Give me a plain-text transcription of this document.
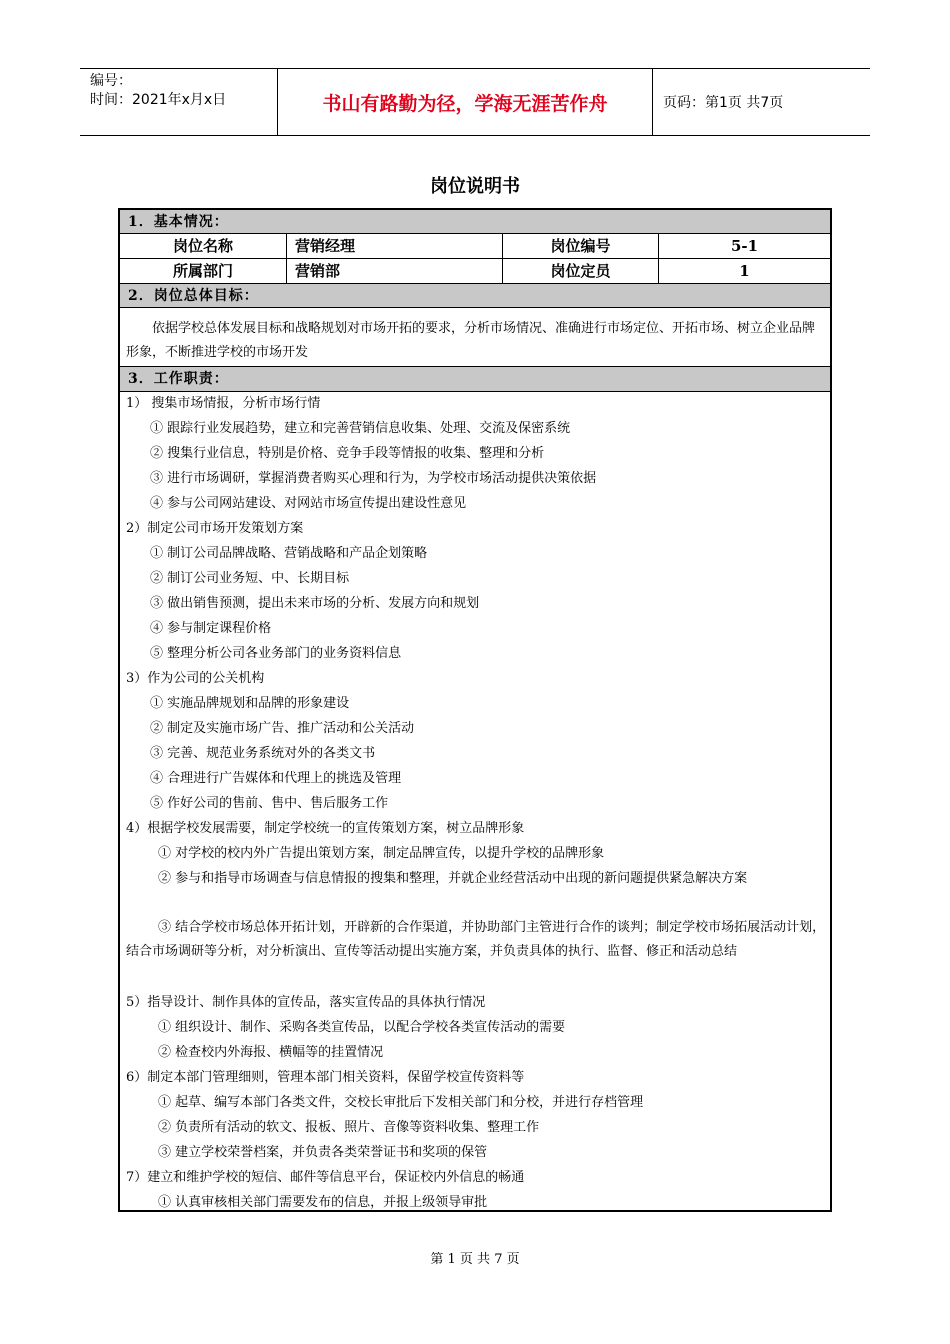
编号：
时间：2021年x月x日	书山有路勤为径，学海无涯苦作舟	页码：第1页 共7页
岗位说明书
1．基本情况：
岗位名称	营销经理	岗位编号	5-1
所属部门	营销部	岗位定员	1
2．岗位总体目标：
依据学校总体发展目标和战略规划对市场开拓的要求，分析市场情况、准确进行市场定位、开拓市场、树立企业品牌形象，不断推进学校的市场开发
3．工作职责：
1） 搜集市场情报，分析市场行情
① 跟踪行业发展趋势，建立和完善营销信息收集、处理、交流及保密系统
② 搜集行业信息，特别是价格、竞争手段等情报的收集、整理和分析
③ 进行市场调研，掌握消费者购买心理和行为，为学校市场活动提供决策依据
④ 参与公司网站建设、对网站市场宣传提出建设性意见
2）制定公司市场开发策划方案
① 制订公司品牌战略、营销战略和产品企划策略
② 制订公司业务短、中、长期目标
③ 做出销售预测，提出未来市场的分析、发展方向和规划
④ 参与制定课程价格
⑤ 整理分析公司各业务部门的业务资料信息
3）作为公司的公关机构
① 实施品牌规划和品牌的形象建设
② 制定及实施市场广告、推广活动和公关活动
③ 完善、规范业务系统对外的各类文书
④ 合理进行广告媒体和代理上的挑选及管理
⑤ 作好公司的售前、售中、售后服务工作
4）根据学校发展需要，制定学校统一的宣传策划方案，树立品牌形象
① 对学校的校内外广告提出策划方案，制定品牌宣传，以提升学校的品牌形象
② 参与和指导市场调查与信息情报的搜集和整理，并就企业经营活动中出现的新问题提供紧急解决方案
③ 结合学校市场总体开拓计划，开辟新的合作渠道，并协助部门主管进行合作的谈判；制定学校市场拓展活动计划，结合市场调研等分析，对分析演出、宣传等活动提出实施方案，并负责具体的执行、监督、修正和活动总结
5）指导设计、制作具体的宣传品，落实宣传品的具体执行情况
① 组织设计、制作、采购各类宣传品，以配合学校各类宣传活动的需要
② 检查校内外海报、横幅等的挂置情况
6）制定本部门管理细则，管理本部门相关资料，保留学校宣传资料等
① 起草、编写本部门各类文件，交校长审批后下发相关部门和分校，并进行存档管理
② 负责所有活动的软文、报板、照片、音像等资料收集、整理工作
③ 建立学校荣誉档案，并负责各类荣誉证书和奖项的保管
7）建立和维护学校的短信、邮件等信息平台，保证校内外信息的畅通
① 认真审核相关部门需要发布的信息，并报上级领导审批
第 1 页 共 7 页
